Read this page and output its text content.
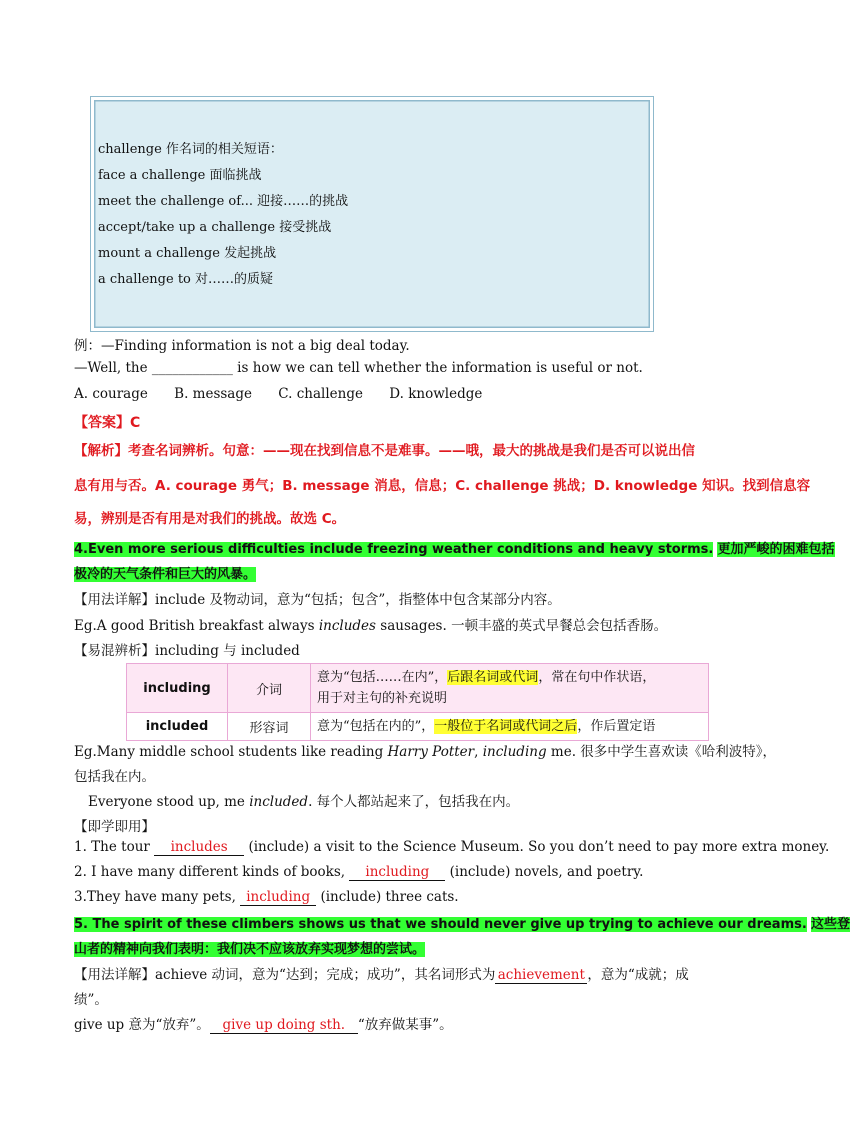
challenge 作名词的相关短语：
face a challenge 面临挑战
meet the challenge of... 迎接……的挑战
accept/take up a challenge 接受挑战
mount a challenge 发起挑战
a challenge to 对……的质疑
例：—Finding information is not a big deal today.
—Well, the ____________ is how we can tell whether the information is useful or not.
A. courage B. message C. challenge D. knowledge
【答案】C
【解析】考查名词辨析。句意：——现在找到信息不是难事。——哦，最大的挑战是我们是否可以说出信
息有用与否。A. courage 勇气；B. message 消息，信息；C. challenge 挑战；D. knowledge 知识。找到信息容
易，辨别是否有用是对我们的挑战。故选 C。
4.Even more serious difficulties include freezing weather conditions and heavy storms. 更加严峻的困难包括
极冷的天气条件和巨大的风暴。
【用法详解】include 及物动词，意为“包括；包含”，指整体中包含某部分内容。
Eg.A good British breakfast always includes sausages. 一顿丰盛的英式早餐总会包括香肠。
【易混辨析】including 与 included
including	介词	意为“包括……在内”，后跟名词或代词，常在句中作状语，
用于对主句的补充说明
included	形容词	意为“包括在内的”，一般位于名词或代词之后，作后置定语
Eg.Many middle school students like reading Harry Potter, including me. 很多中学生喜欢读《哈利波特》，
包括我在内。
Everyone stood up, me included. 每个人都站起来了，包括我在内。
【即学即用】
1. The tour includes (include) a visit to the Science Museum. So you don’t need to pay more extra money.
2. I have many different kinds of books, including (include) novels, and poetry.
3.They have many pets, including (include) three cats.
5. The spirit of these climbers shows us that we should never give up trying to achieve our dreams. 这些登
山者的精神向我们表明：我们决不应该放弃实现梦想的尝试。
【用法详解】achieve 动词，意为“达到；完成；成功”，其名词形式为 achievement ，意为“成就；成
绩”。
give up 意为“放弃”。 give up doing sth. “放弃做某事”。
